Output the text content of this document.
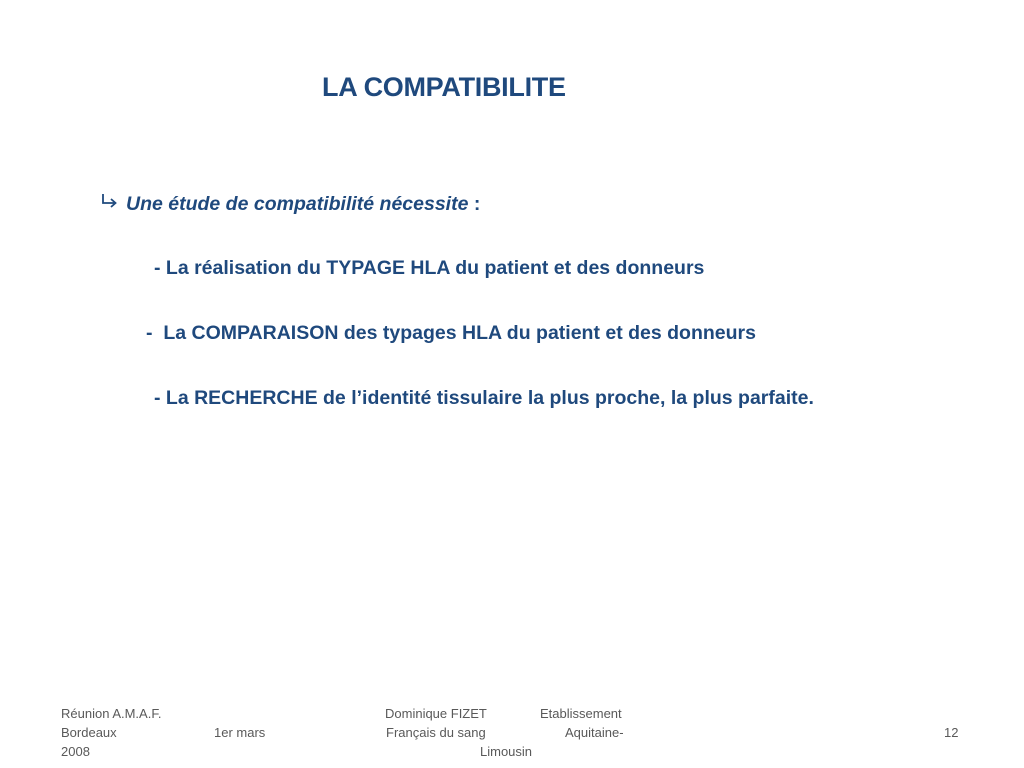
LA COMPATIBILITE
Une étude de compatibilité nécessite :
- La réalisation du TYPAGE HLA du patient et des donneurs
-  La COMPARAISON des typages HLA du patient et des donneurs
- La RECHERCHE de l’identité tissulaire la plus proche, la plus parfaite.
Réunion A.M.A.F.
Bordeaux	1er mars
2008
Dominique FIZET	Etablissement
Français du sang	Aquitaine-
Limousin
12
